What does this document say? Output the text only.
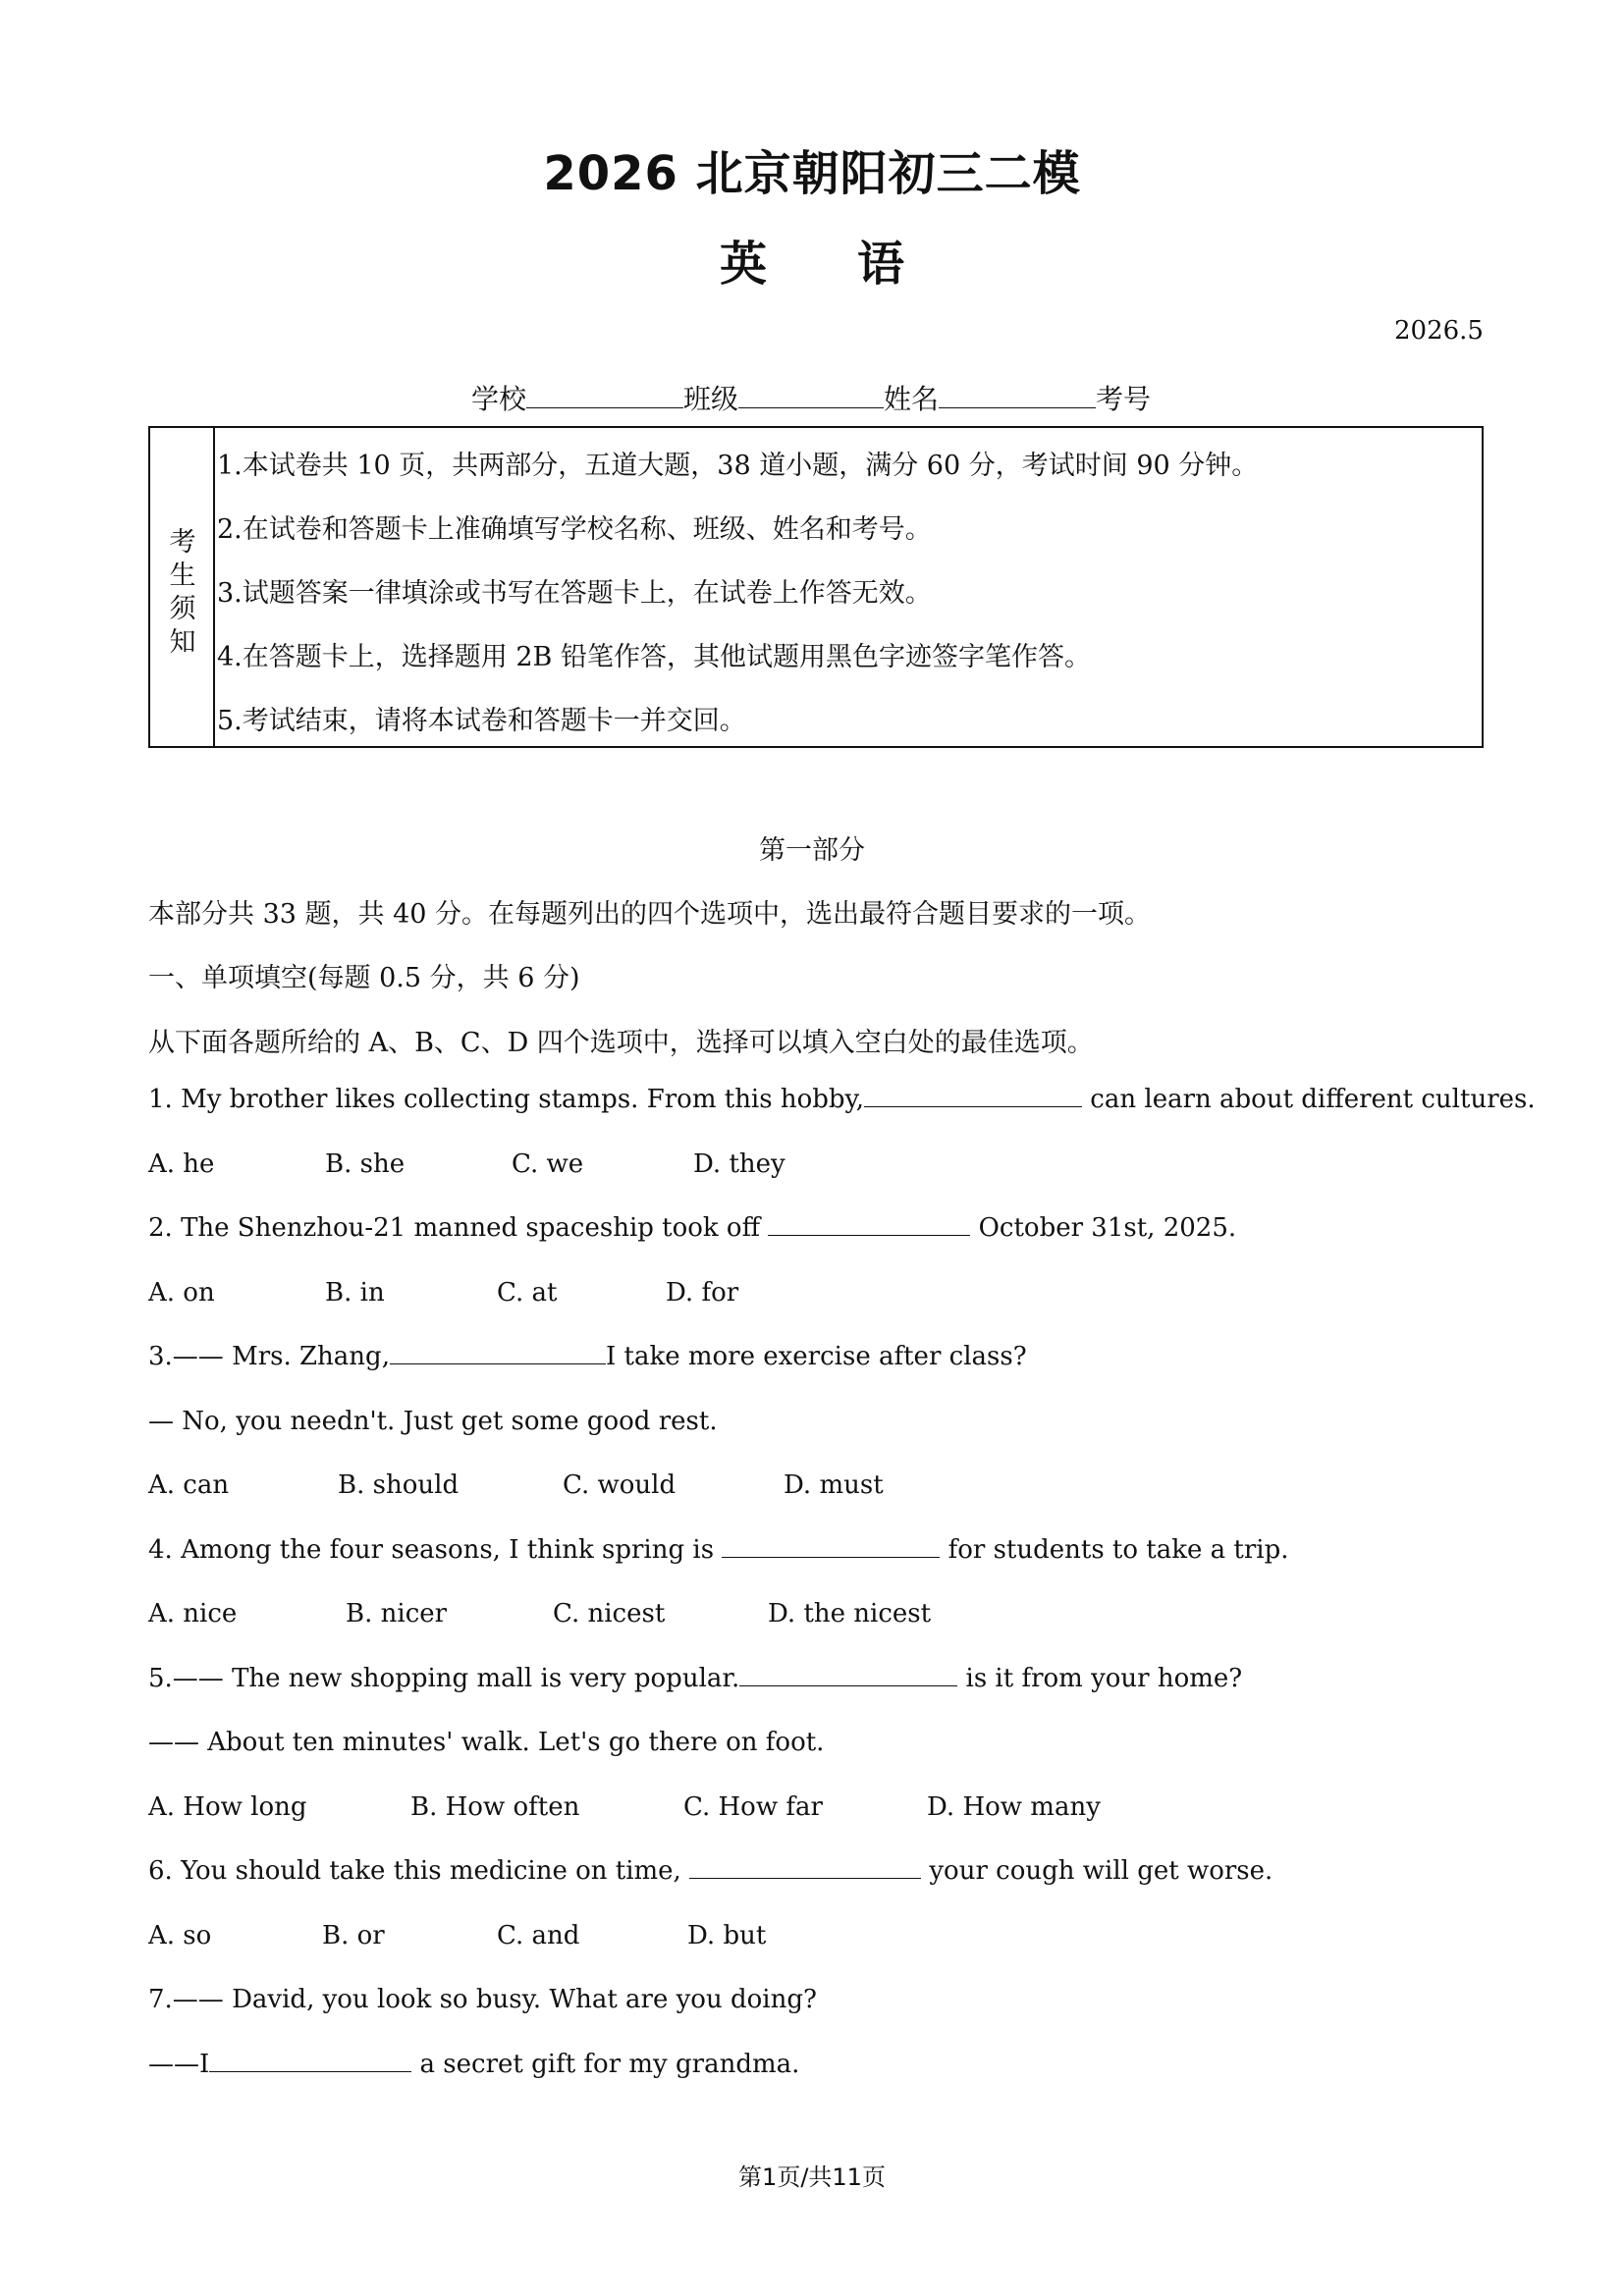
2026 北京朝阳初三二模
英语
2026.5
学校	班级	姓名	考号
考生须知
1.本试卷共 10 页，共两部分，五道大题，38 道小题，满分 60 分，考试时间 90 分钟。
2.在试卷和答题卡上准确填写学校名称、班级、姓名和考号。
3.试题答案一律填涂或书写在答题卡上，在试卷上作答无效。
4.在答题卡上，选择题用 2B 铅笔作答，其他试题用黑色字迹签字笔作答。
5.考试结束，请将本试卷和答题卡一并交回。
第一部分
本部分共 33 题，共 40 分。在每题列出的四个选项中，选出最符合题目要求的一项。
一、单项填空(每题 0.5 分，共 6 分)
从下面各题所给的 A、B、C、D 四个选项中，选择可以填入空白处的最佳选项。
1. My brother likes collecting stamps. From this hobby,	can learn about different cultures.
A. he	B. she	C. we	D. they
2. The Shenzhou-21 manned spaceship took off	October 31st, 2025.
A. on	B. in	C. at	D. for
3.—— Mrs. Zhang,	I take more exercise after class?
— No, you needn't. Just get some good rest.
A. can	B. should	C. would	D. must
4. Among the four seasons, I think spring is	for students to take a trip.
A. nice	B. nicer	C. nicest	D. the nicest
5.—— The new shopping mall is very popular.	is it from your home?
—— About ten minutes' walk. Let's go there on foot.
A. How long	B. How often	C. How far	D. How many
6. You should take this medicine on time,	your cough will get worse.
A. so	B. or	C. and	D. but
7.—— David, you look so busy. What are you doing?
——I	a secret gift for my grandma.
第1页/共11页
